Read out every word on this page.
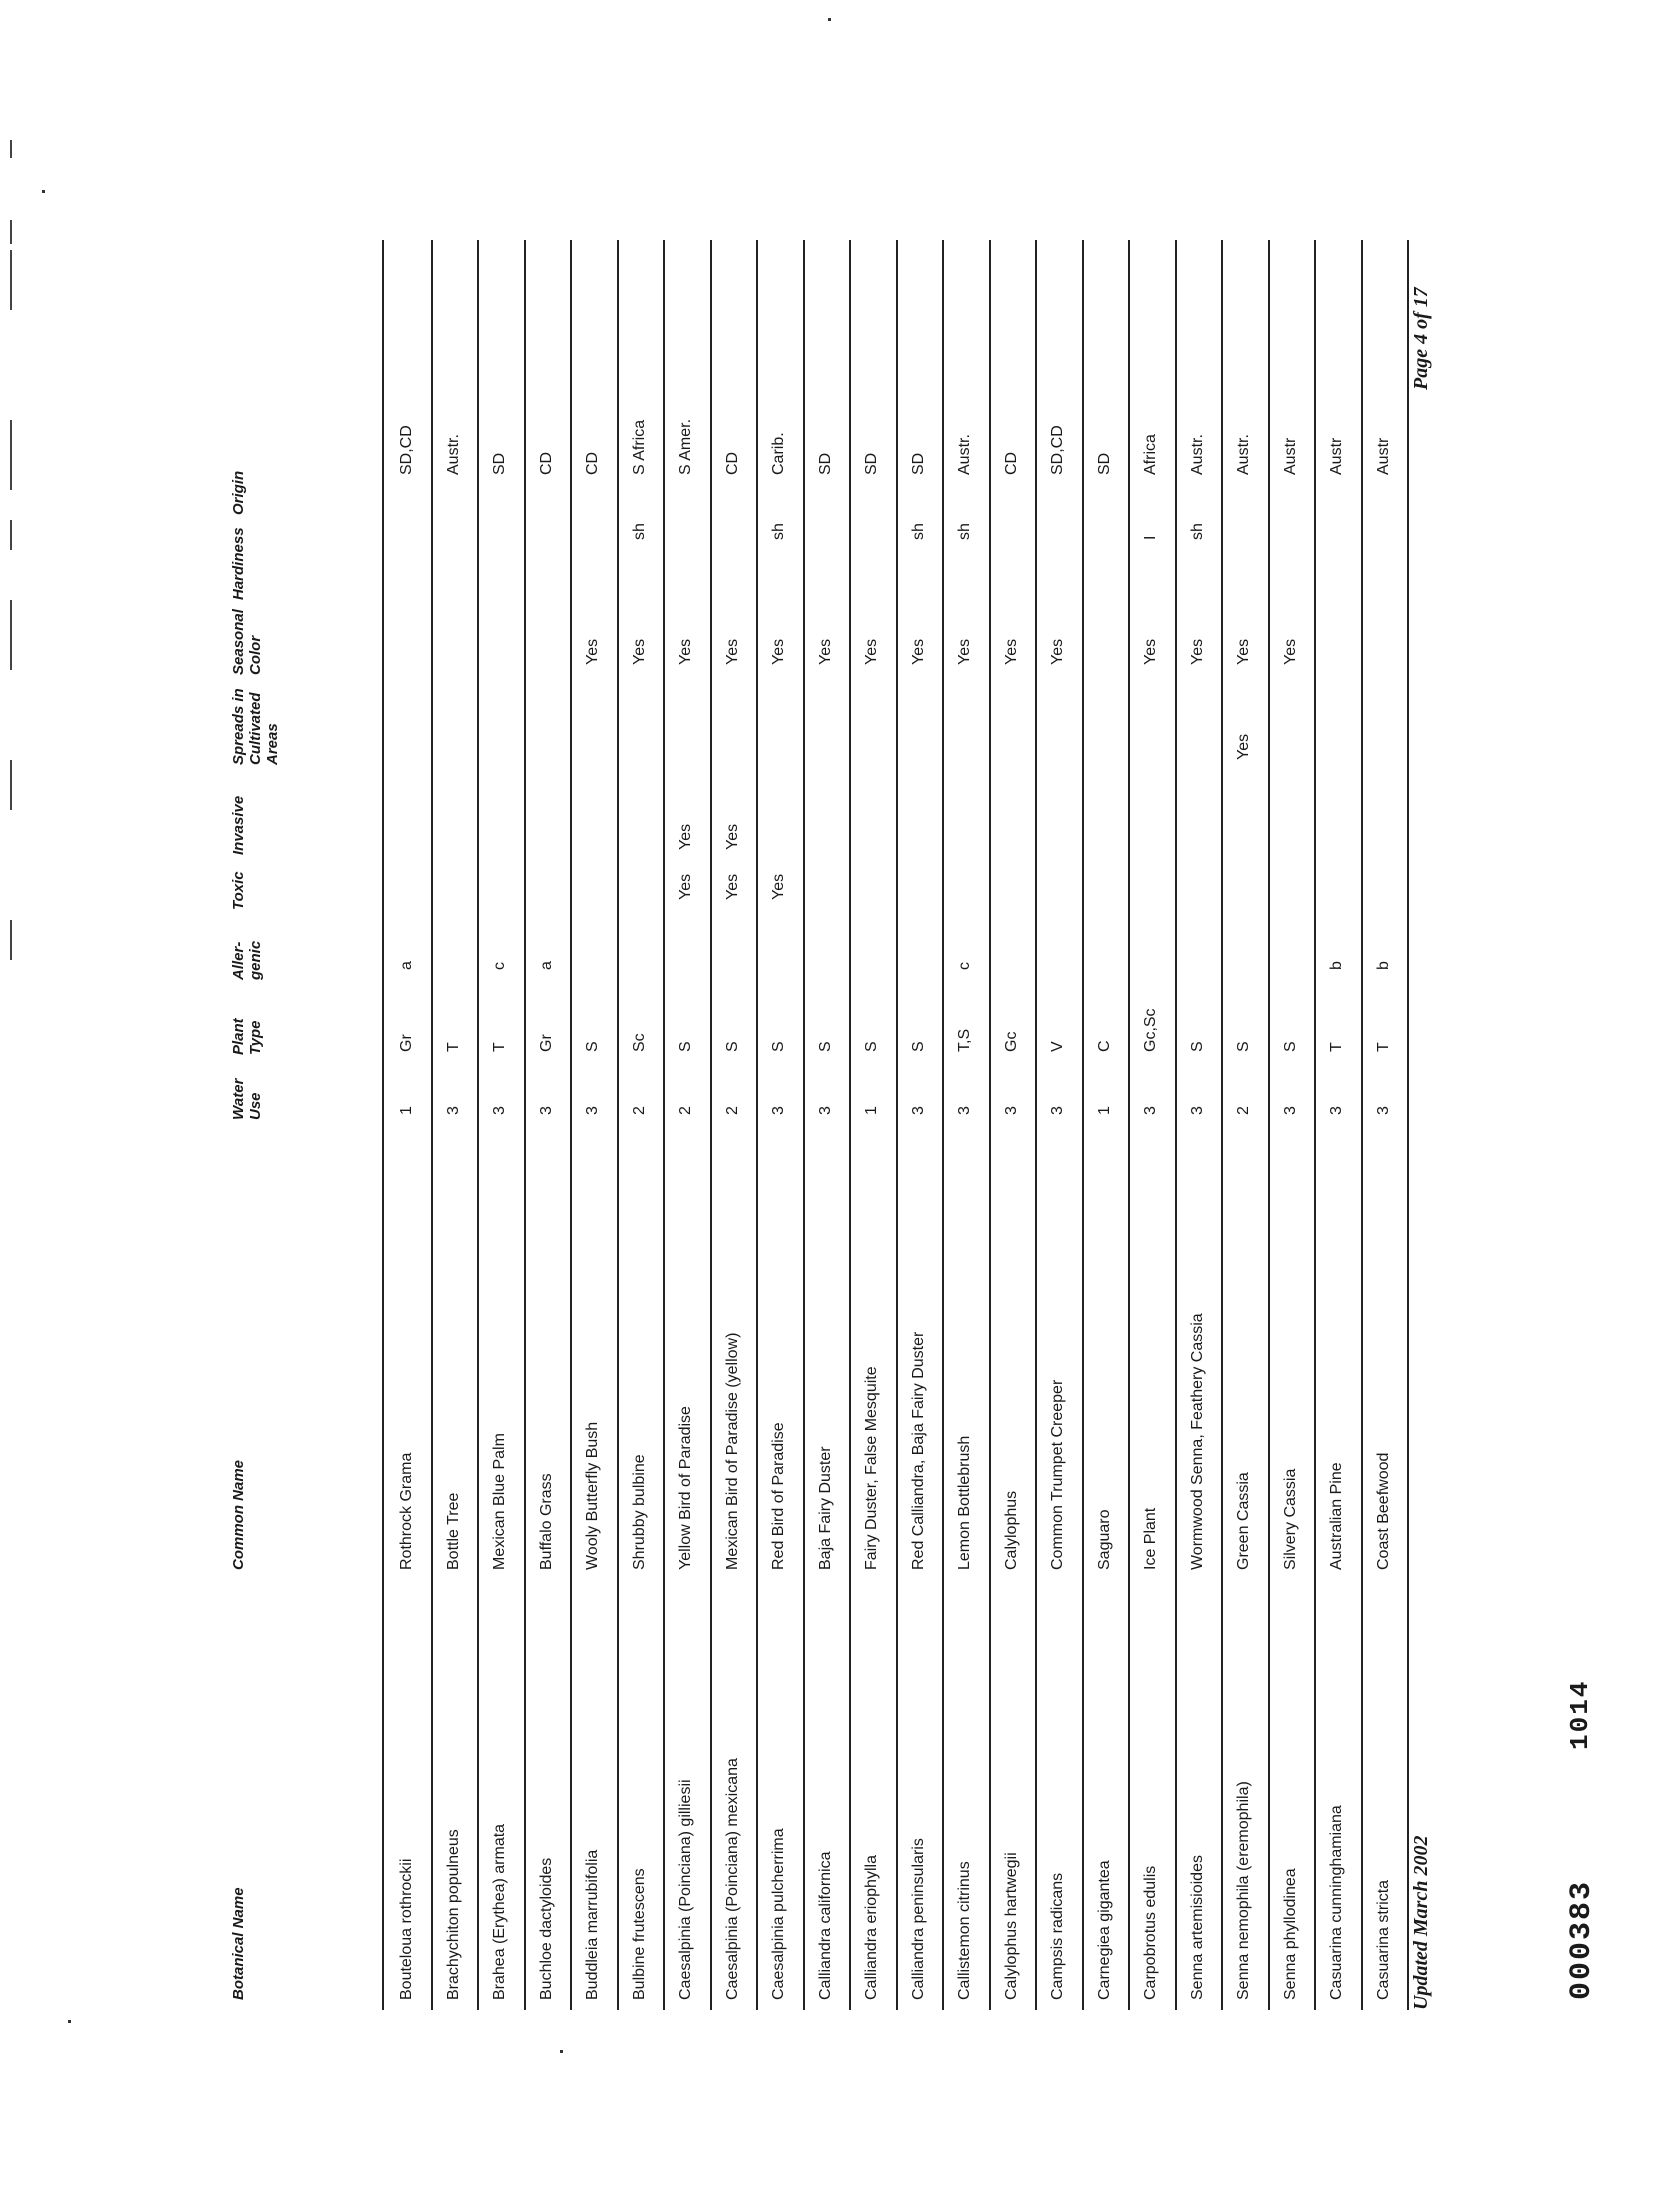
Botanical Name
Common Name
Water Use
Plant Type
Aller- genic
Toxic
Invasive
Spreads in Cultivated Areas
Seasonal Color
Hardiness
Origin
Bouteloua rothrockii
Rothrock Grama
1
Gr
a
SD,CD
Brachychiton populneus
Bottle Tree
3
T
Austr.
Brahea (Erythea) armata
Mexican Blue Palm
3
T
c
SD
Buchloe dactyloides
Buffalo Grass
3
Gr
a
CD
Buddleia marrubifolia
Wooly Butterfly Bush
3
S
Yes
CD
Bulbine frutescens
Shrubby bulbine
2
Sc
Yes
sh
S Africa
Caesalpinia (Poinciana) gilliesii
Yellow Bird of Paradise
2
S
Yes
Yes
Yes
S Amer.
Caesalpinia (Poinciana) mexicana
Mexican Bird of Paradise (yellow)
2
S
Yes
Yes
Yes
CD
Caesalpinia pulcherrima
Red Bird of Paradise
3
S
Yes
Yes
sh
Carib.
Calliandra californica
Baja Fairy Duster
3
S
Yes
SD
Calliandra eriophylla
Fairy Duster, False Mesquite
1
S
Yes
SD
Calliandra peninsularis
Red Calliandra, Baja Fairy Duster
3
S
Yes
sh
SD
Callistemon citrinus
Lemon Bottlebrush
3
T,S
c
Yes
sh
Austr.
Calylophus hartwegii
Calylophus
3
Gc
Yes
CD
Campsis radicans
Common Trumpet Creeper
3
V
Yes
SD,CD
Carnegiea gigantea
Saguaro
1
C
SD
Carpobrotus edulis
Ice Plant
3
Gc,Sc
Yes
I
Africa
Senna artemisioides
Wormwood Senna, Feathery Cassia
3
S
Yes
sh
Austr.
Senna nemophila (eremophila)
Green Cassia
2
S
Yes
Yes
Austr.
Senna phyllodinea
Silvery Cassia
3
S
Yes
Austr
Casuarina cunninghamiana
Australian Pine
3
T
b
Austr
Casuarina stricta
Coast Beefwood
3
T
b
Austr
Updated March 2002
Page 4 of 17
000383
1014
